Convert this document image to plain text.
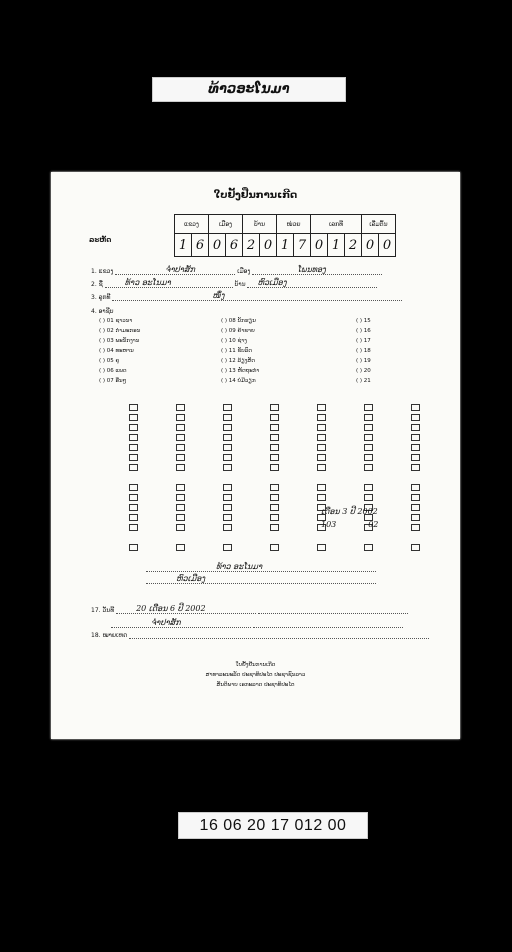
ທ້າວອະໂນມາ
ໃບຢັ້ງຢືນການເກີດ
ລະຫັດ
ແຂວງ		ເມືອງ		ບ້ານ		ໜ່ວຍ		ເລກທີ			ເລີ່ມຕົ້ນ	
1	6	0	6	2	0	1	7	0	1	2	0	0
1. ແຂວງ	ຈຳປາສັກ	ເມືອງ	ໂພນທອງ
2. ຊື່	ທ້າວ ອະໂນມາ	ບ້ານ ຫົວເມືອງ
3. ລູກທີ	ໜຶ່ງ
4. ອາຊີບ
( ) 01 ຊາວນາ
( ) 02 ກຳມະກອນ
( ) 03 ພະນັກງານ
( ) 04 ທະຫານ
( ) 05 ຄູ
( ) 06 ແພດ
( ) 07 ອື່ນໆ
( ) 08 ນັກຮຽນ
( ) 09 ຄ້າຂາຍ
( ) 10 ຊ່າງ
( ) 11 ຂັບລົດ
( ) 12 ລ້ຽງສັດ
( ) 13 ຫັດຖະກຳ
( ) 14 ບໍ່ມີວຽກ
( ) 15
( ) 16
( ) 17
( ) 18
( ) 19
( ) 20
( ) 21
ເດືອນ 3 ປີ 2002
103	02
ທ້າວ ອະໂນມາ
ຫົວເມືອງ
17. ວັນທີ	20 ເດືອນ 6 ປີ 2002
ຈຳປາສັກ
18. ໝາຍເຫດ
ໃບຢັ້ງຢືນການເກີດ
ສາທາລະນະລັດ ປະຊາທິປະໄຕ ປະຊາຊົນລາວ
ສັນຕິພາບ ເອກະລາດ ປະຊາທິປະໄຕ
16 06 20 17 012 00
